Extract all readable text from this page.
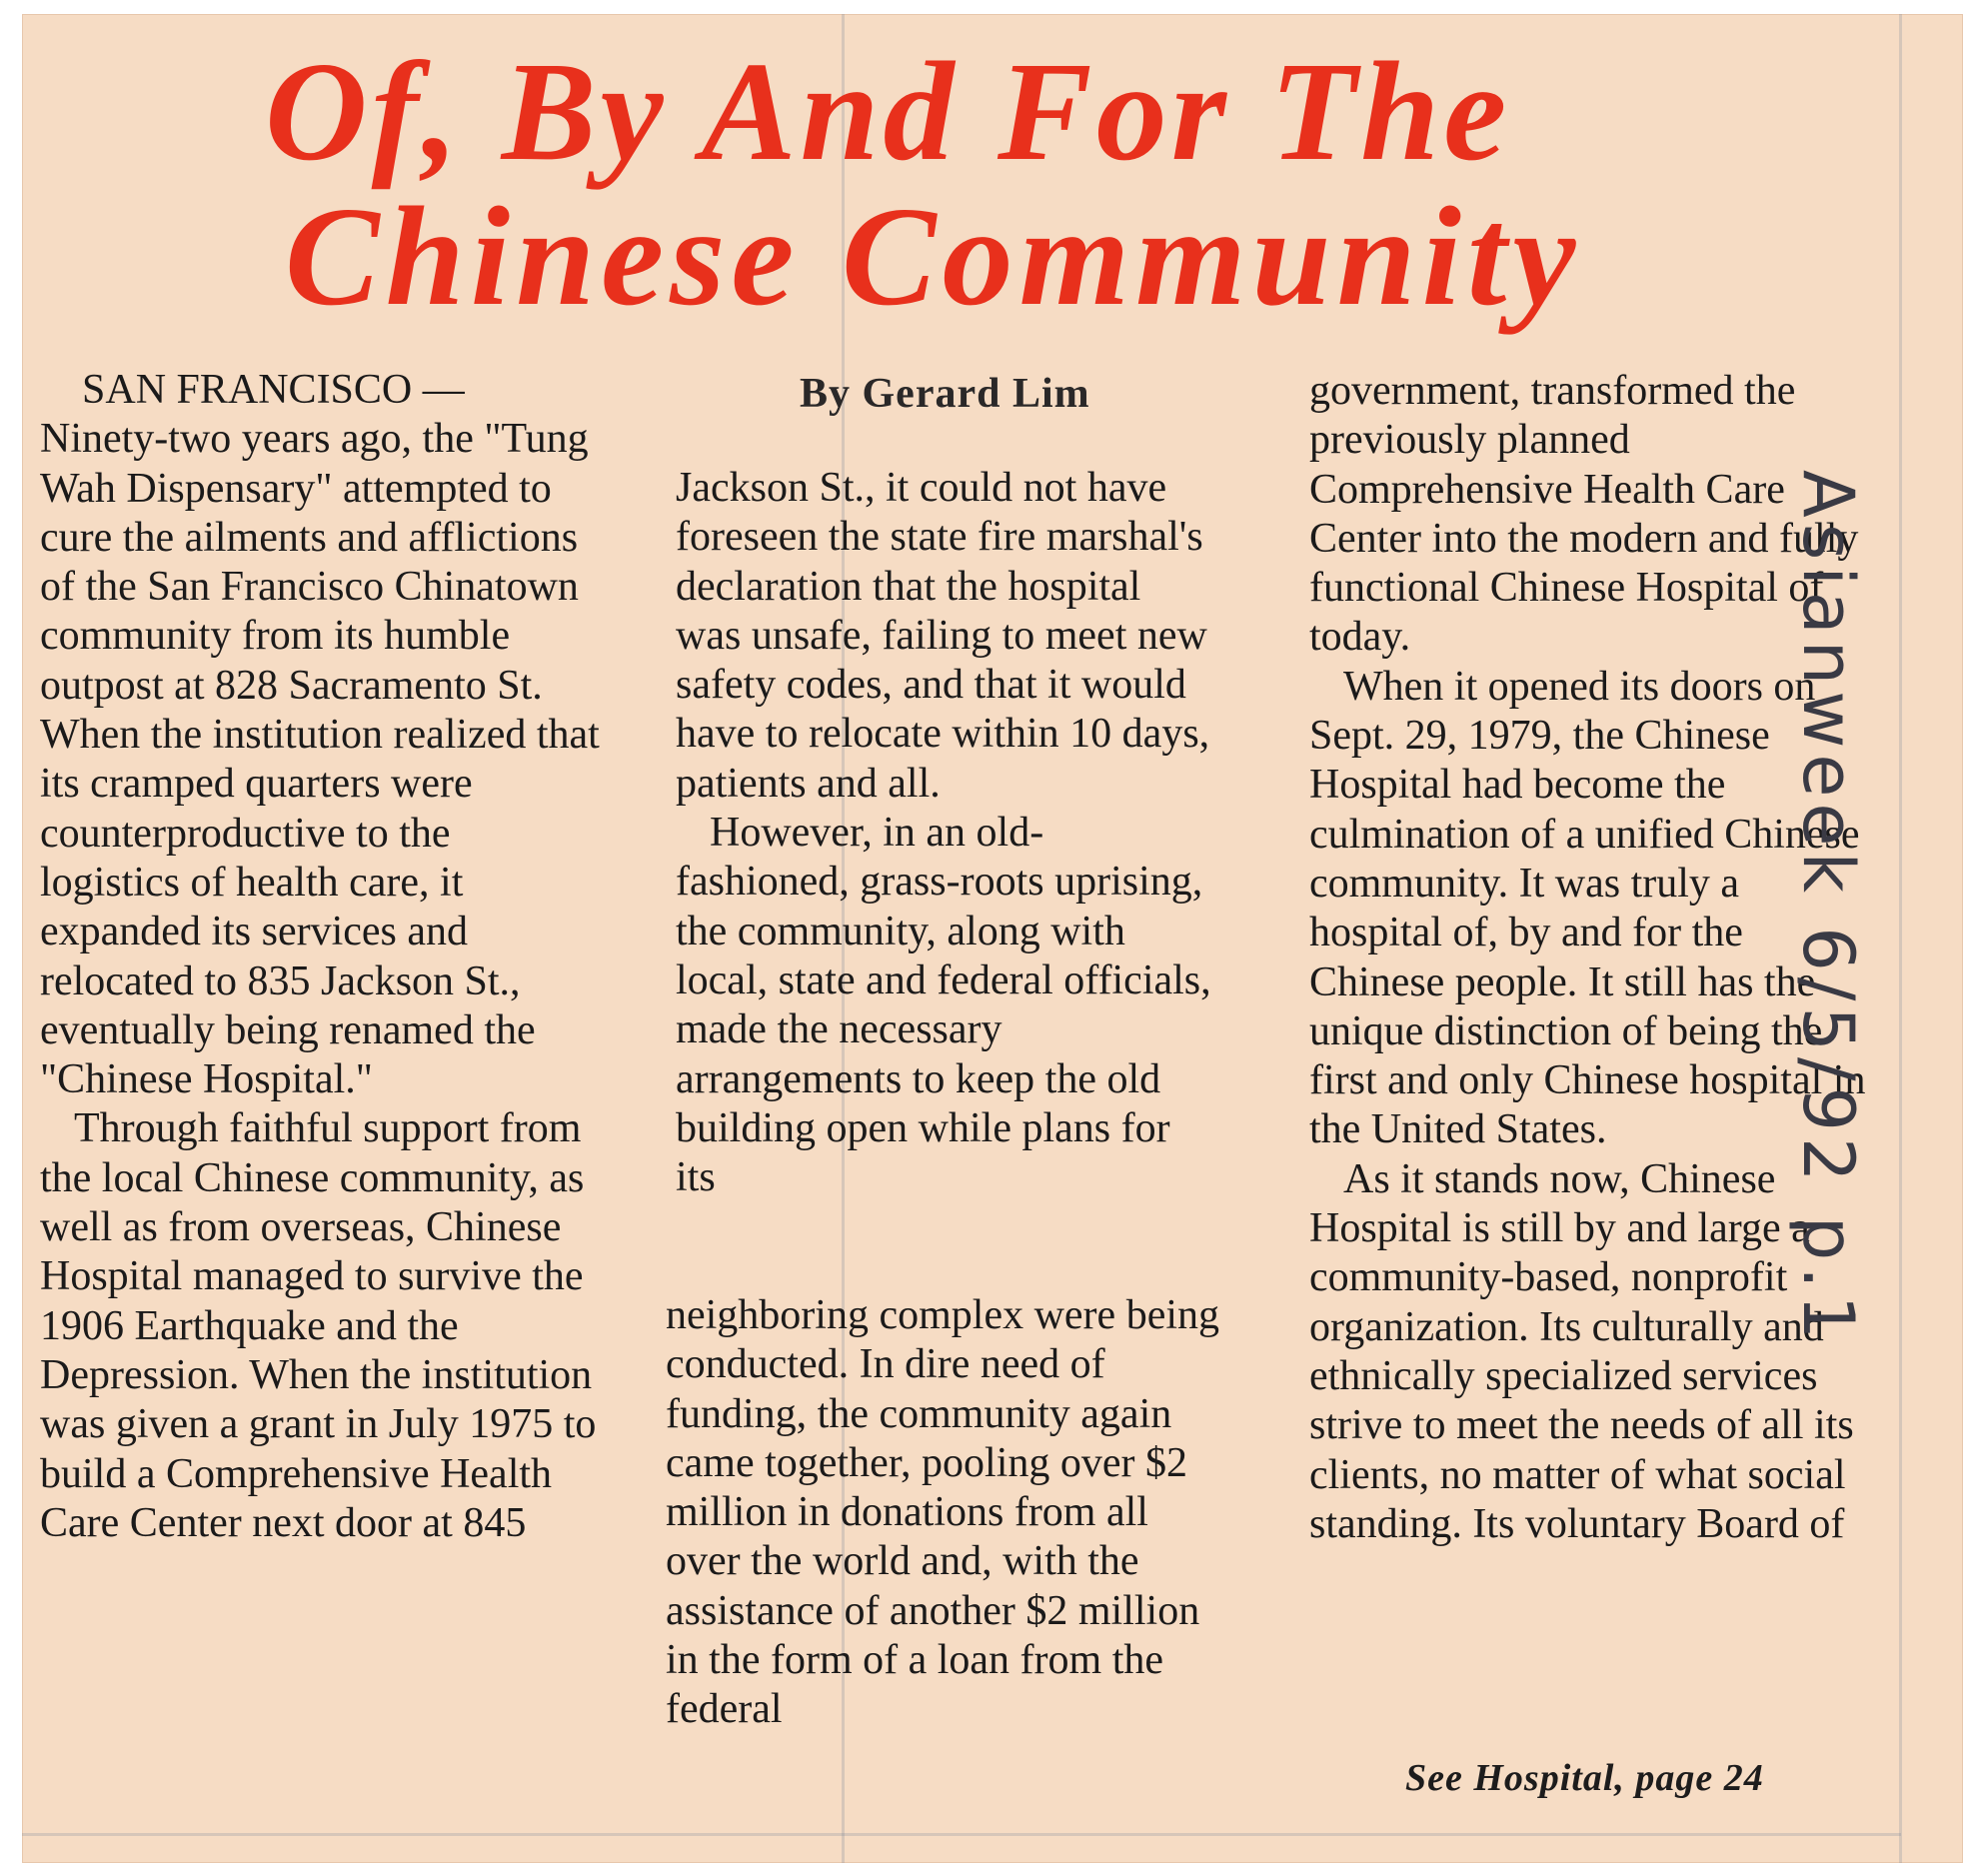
Of, By And For The
Chinese Community

SAN FRANCISCO —

Ninety-two years ago, the "Tung Wah Dispensary" attempted to cure the ailments and afflictions of the San Francisco Chinatown community from its humble outpost at 828 Sacramento St. When the institution realized that its cramped quarters were counterproductive to the logistics of health care, it expanded its services and relocated to 835 Jackson St., eventually being renamed the "Chinese Hospital."

Through faithful support from the local Chinese community, as well as from overseas, Chinese Hospital managed to survive the 1906 Earthquake and the Depression. When the institution was given a grant in July 1975 to build a Comprehensive Health Care Center next door at 845

By Gerard Lim

Jackson St., it could not have foreseen the state fire marshal's declaration that the hospital was unsafe, failing to meet new safety codes, and that it would have to relocate within 10 days, patients and all.

However, in an old-fashioned, grass-roots uprising, the community, along with local, state and federal officials, made the necessary arrangements to keep the old building open while plans for its

neighboring complex were being conducted. In dire need of funding, the community again came together, pooling over $2 million in donations from all over the world and, with the assistance of another $2 million in the form of a loan from the federal

government, transformed the previously planned Comprehensive Health Care Center into the modern and fully functional Chinese Hospital of today.

When it opened its doors on Sept. 29, 1979, the Chinese Hospital had become the culmination of a unified Chinese community. It was truly a hospital of, by and for the Chinese people. It still has the unique distinction of being the first and only Chinese hospital in the United States.

As it stands now, Chinese Hospital is still by and large a community-based, nonprofit organization. Its culturally and ethnically specialized services strive to meet the needs of all its clients, no matter of what social standing. Its voluntary Board of

See Hospital, page 24
Asianweek 6/5/92 p.1
